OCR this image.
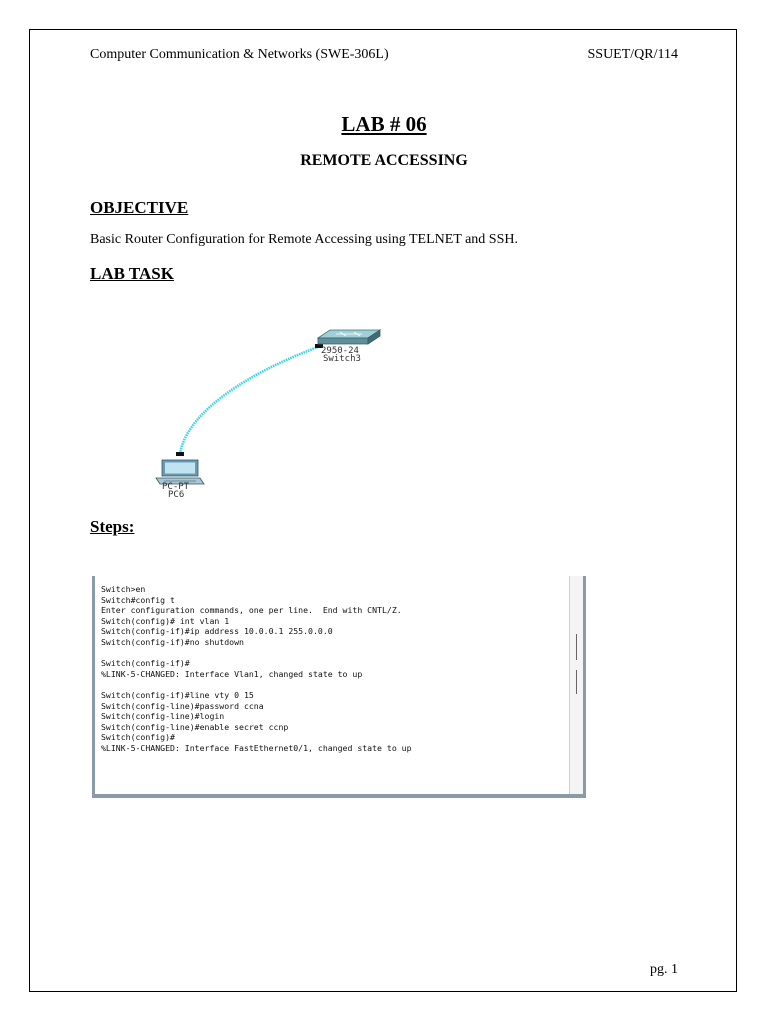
Computer Communication & Networks (SWE-306L)	SSUET/QR/114
LAB # 06
REMOTE ACCESSING
OBJECTIVE
Basic Router Configuration for Remote Accessing using TELNET and SSH.
LAB TASK
2950-24
Switch3
PC-PT
PC6
Steps:
Switch>en
Switch#config t
Enter configuration commands, one per line.  End with CNTL/Z.
Switch(config)# int vlan 1
Switch(config-if)#ip address 10.0.0.1 255.0.0.0
Switch(config-if)#no shutdown

Switch(config-if)#
%LINK-5-CHANGED: Interface Vlan1, changed state to up

Switch(config-if)#line vty 0 15
Switch(config-line)#password ccna
Switch(config-line)#login
Switch(config-line)#enable secret ccnp
Switch(config)#
%LINK-5-CHANGED: Interface FastEthernet0/1, changed state to up
pg. 1
